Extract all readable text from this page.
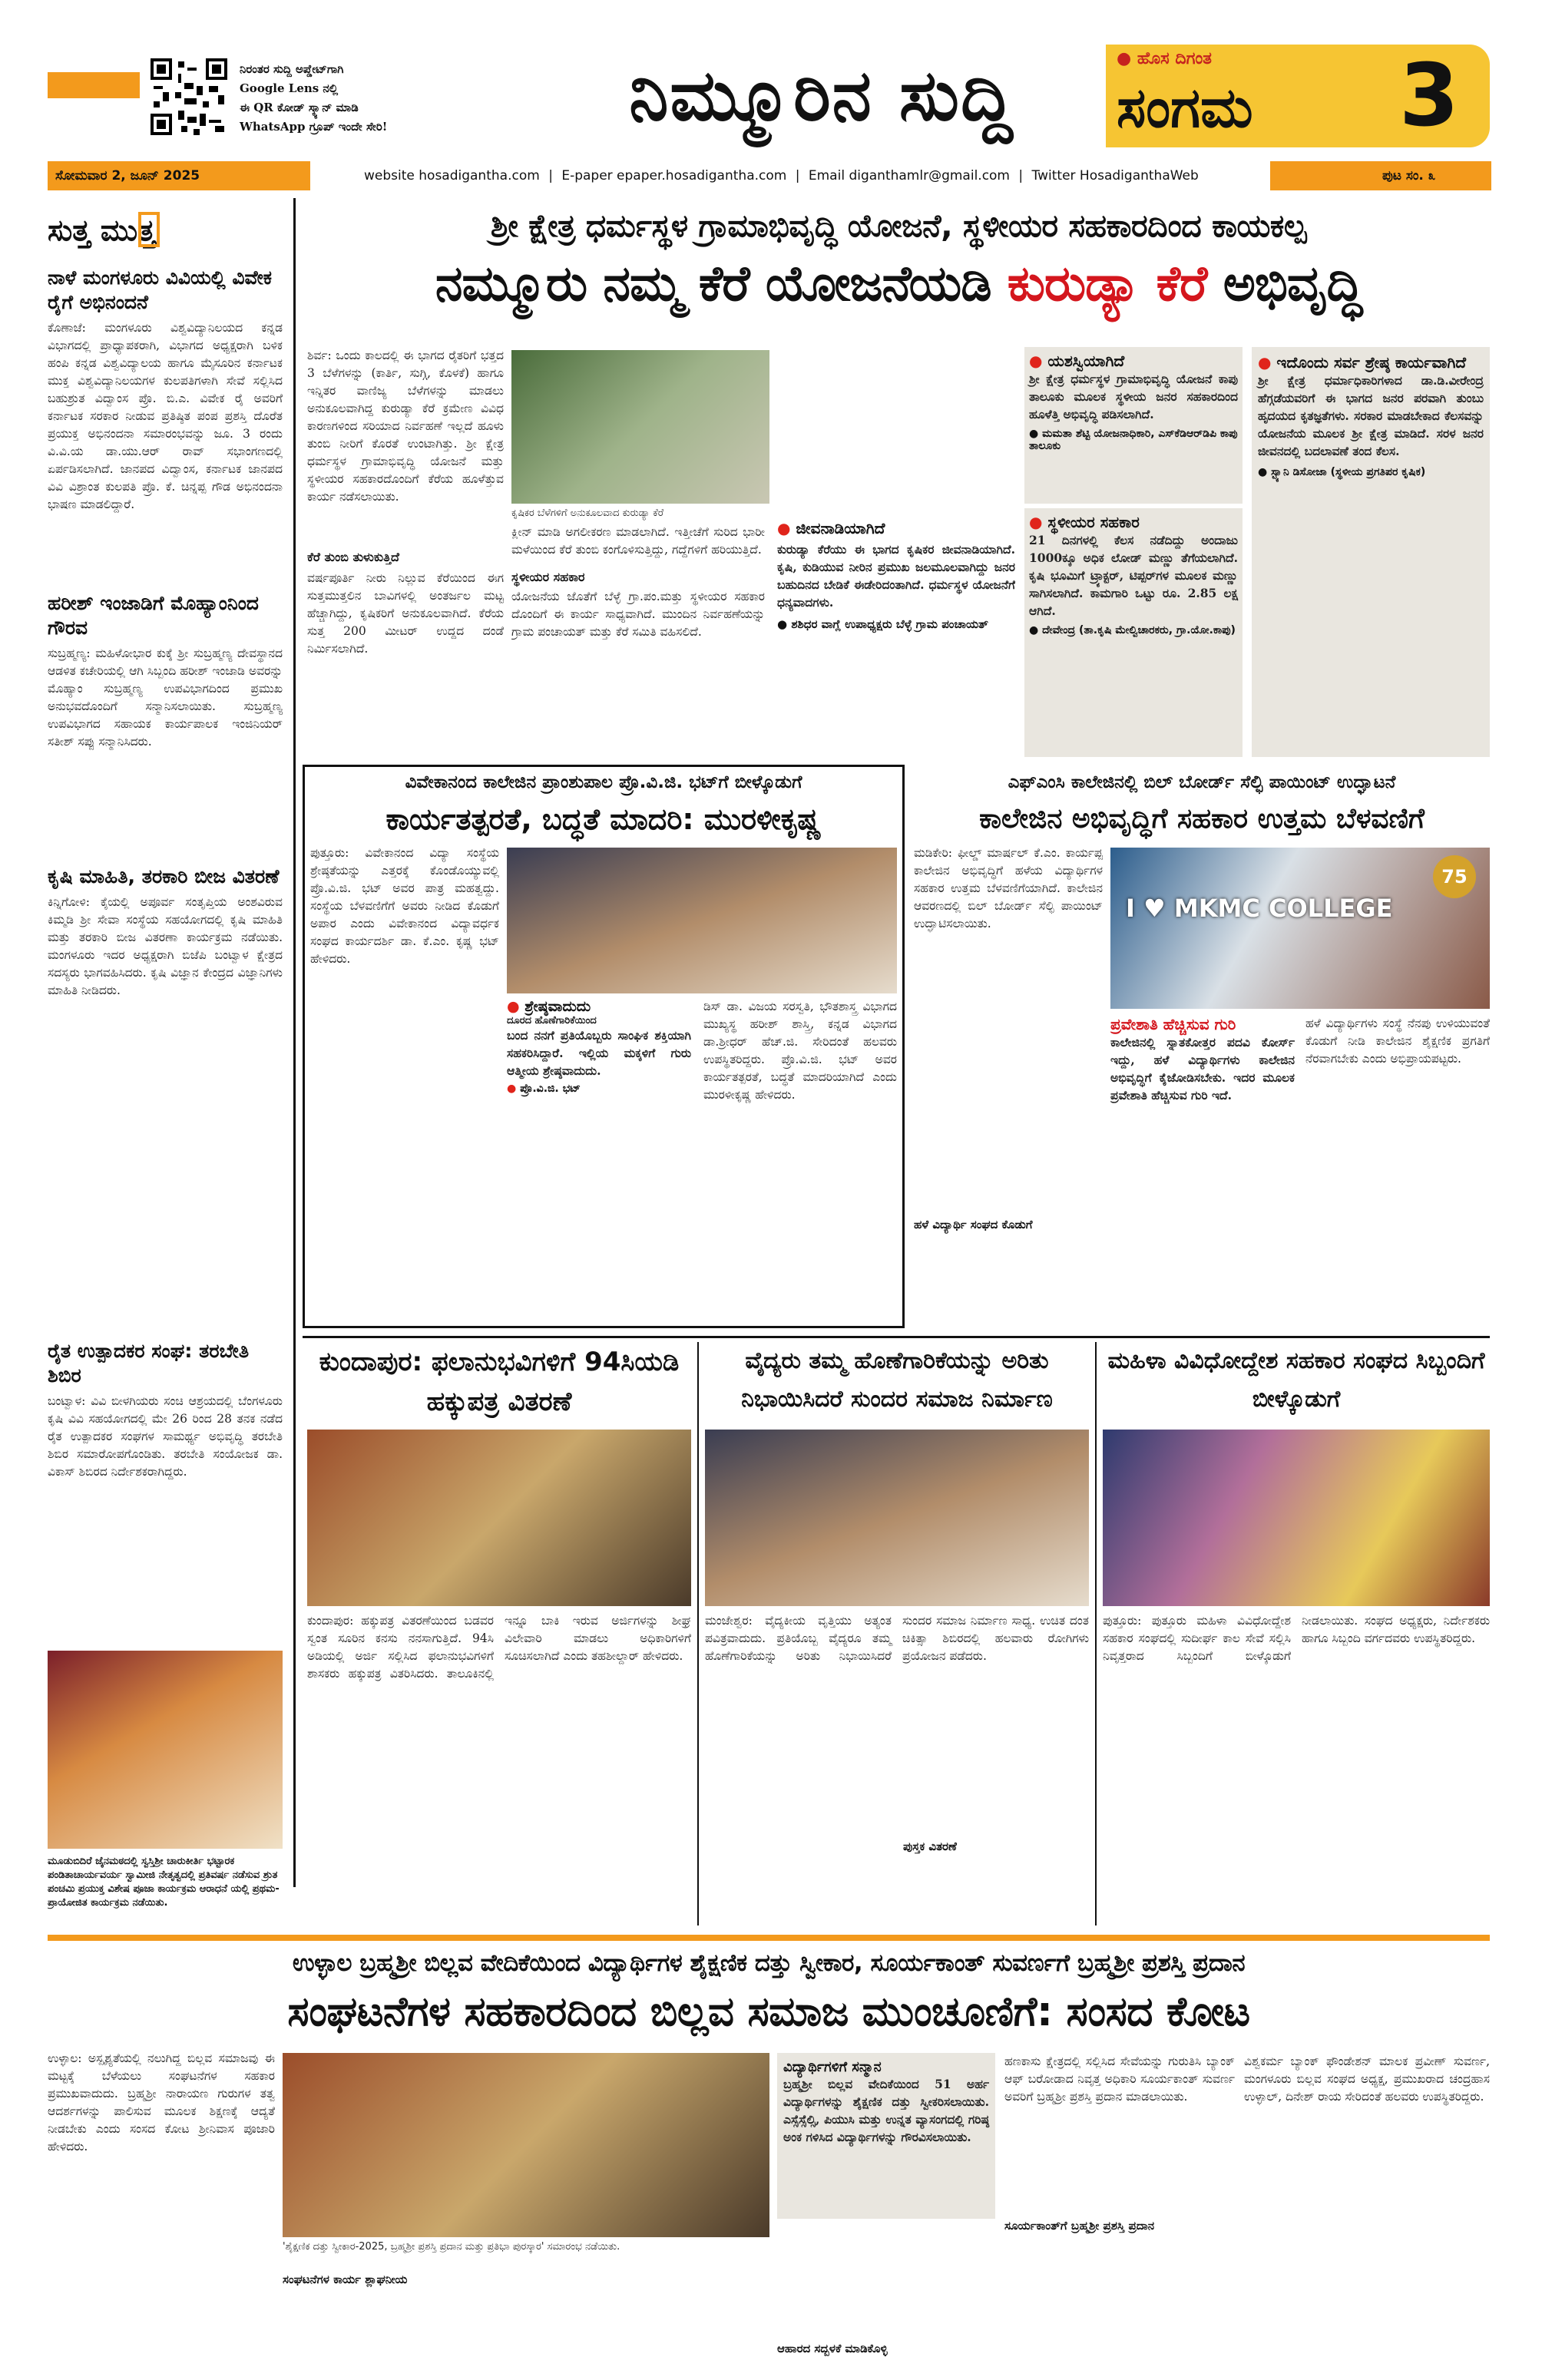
ನಿರಂತರ ಸುದ್ದಿ ಅಪ್ಡೇಟ್‌ಗಾಗಿ
Google Lens ನಲ್ಲಿ
ಈ QR ಕೋಡ್ ಸ್ಕ್ಯಾನ್ ಮಾಡಿ
WhatsApp ಗ್ರೂಪ್ ಇಂದೇ ಸೇರಿ!	ನಿಮ್ಮೂರಿನ ಸುದ್ದಿ	● ಹೊಸ ದಿಗಂತ
ಸಂಗಮ 3
ಸೋಮವಾರ 2, ಜೂನ್ 2025	website hosadigantha.com | E-paper epaper.hosadigantha.com | Email diganthamlr@gmail.com | Twitter HosadiganthaWeb	ಪುಟ ಸಂ. ೩
ಸುತ್ತ ಮುತ್ತ
ನಾಳೆ ಮಂಗಳೂರು ವಿವಿಯಲ್ಲಿ ವಿವೇಕ ರೈಗೆ ಅಭಿನಂದನೆ
ಕೊಣಾಜೆ: ಮಂಗಳೂರು ವಿಶ್ವವಿದ್ಯಾನಿಲಯದ ಕನ್ನಡ ವಿಭಾಗದಲ್ಲಿ ಪ್ರಾಧ್ಯಾಪಕರಾಗಿ, ವಿಭಾಗದ ಅಧ್ಯಕ್ಷರಾಗಿ ಬಳಿಕ ಹಂಪಿ ಕನ್ನಡ ವಿಶ್ವವಿದ್ಯಾಲಯ ಹಾಗೂ ಮೈಸೂರಿನ ಕರ್ನಾಟಕ ಮುಕ್ತ ವಿಶ್ವವಿದ್ಯಾನಿಲಯಗಳ ಕುಲಪತಿಗಳಾಗಿ ಸೇವೆ ಸಲ್ಲಿಸಿದ ಬಹುಶ್ರುತ ವಿದ್ವಾಂಸ ಪ್ರೊ. ಬಿ.ಎ. ವಿವೇಕ ರೈ ಅವರಿಗೆ ಕರ್ನಾಟಕ ಸರಕಾರ ನೀಡುವ ಪ್ರತಿಷ್ಠಿತ ಪಂಪ ಪ್ರಶಸ್ತಿ ದೊರೆತ ಪ್ರಯುಕ್ತ ಅಭಿನಂದನಾ ಸಮಾರಂಭವನ್ನು ಜೂ. 3 ರಂದು ವಿ.ವಿ.ಯ ಡಾ.ಯು.ಆರ್ ರಾವ್ ಸಭಾಂಗಣದಲ್ಲಿ ಏರ್ಪಡಿಸಲಾಗಿದೆ. ಜಾನಪದ ವಿದ್ವಾಂಸ, ಕರ್ನಾಟಕ ಜಾನಪದ ವಿವಿ ವಿಶ್ರಾಂತ ಕುಲಪತಿ ಪ್ರೊ. ಕೆ. ಚಿನ್ನಪ್ಪ ಗೌಡ ಅಭಿನಂದನಾ ಭಾಷಣ ಮಾಡಲಿದ್ದಾರೆ.
ಹರೀಶ್ ಇಂಜಾಡಿಗೆ ಮೊಹ್ಯಾಂನಿಂದ ಗೌರವ
ಸುಬ್ರಹ್ಮಣ್ಯ: ಮಹಿಳೋಭಾರ ಕುಕ್ಕೆ ಶ್ರೀ ಸುಬ್ರಹ್ಮಣ್ಯ ದೇವಸ್ಥಾನದ ಆಡಳಿತ ಕಚೇರಿಯಲ್ಲಿ ಆಗಿ ಸಿಬ್ಬಂದಿ ಹರೀಶ್ ಇಂಜಾಡಿ ಅವರನ್ನು ಮೊಹ್ಯಾಂ ಸುಬ್ರಹ್ಮಣ್ಯ ಉಪವಿಭಾಗದಿಂದ ಪ್ರಮುಖ ಅನುಭವದೊಂದಿಗೆ ಸನ್ಮಾನಿಸಲಾಯಿತು. ಸುಬ್ರಹ್ಮಣ್ಯ ಉಪವಿಭಾಗದ ಸಹಾಯಕ ಕಾರ್ಯಪಾಲಕ ಇಂಜಿನಿಯರ್ ಸತೀಶ್ ಸಪ್ಪು ಸನ್ಮಾನಿಸಿದರು.
ಕೃಷಿ ಮಾಹಿತಿ, ತರಕಾರಿ ಬೀಜ ವಿತರಣೆ
ಕಿನ್ನಿಗೋಳಿ: ಕೈಯಲ್ಲಿ ಅಪೂರ್ವ ಸಂತೃಪ್ತಿಯ ಅಂಶವಿರುವ ಕಿಮ್ಮಡಿ ಶ್ರೀ ಸೇವಾ ಸಂಸ್ಥೆಯ ಸಹಯೋಗದಲ್ಲಿ ಕೃಷಿ ಮಾಹಿತಿ ಮತ್ತು ತರಕಾರಿ ಬೀಜ ವಿತರಣಾ ಕಾರ್ಯಕ್ರಮ ನಡೆಯಿತು. ಮಂಗಳೂರು ಇದರ ಅಧ್ಯಕ್ಷರಾಗಿ ಬಿಜೆಪಿ ಬಂಟ್ವಾಳ ಕ್ಷೇತ್ರದ ಸದಸ್ಯರು ಭಾಗವಹಿಸಿದರು. ಕೃಷಿ ವಿಜ್ಞಾನ ಕೇಂದ್ರದ ವಿಜ್ಞಾನಿಗಳು ಮಾಹಿತಿ ನೀಡಿದರು.
ರೈತ ಉತ್ಪಾದಕರ ಸಂಘ: ತರಬೇತಿ ಶಿಬಿರ
ಬಂಟ್ವಾಳ: ವಿವಿ ಬೀಳಗಿಯರು ಸಂಚಿ ಆಶ್ರಯದಲ್ಲಿ ಬೆಂಗಳೂರು ಕೃಷಿ ವಿವಿ ಸಹಯೋಗದಲ್ಲಿ ಮೇ 26 ರಿಂದ 28 ತನಕ ನಡೆದ ರೈತ ಉತ್ಪಾದಕರ ಸಂಘಗಳ ಸಾಮರ್ಥ್ಯ ಅಭಿವೃದ್ಧಿ ತರಬೇತಿ ಶಿಬಿರ ಸಮಾರೋಪಗೊಂಡಿತು. ತರಬೇತಿ ಸಂಯೋಜಕ ಡಾ. ವಿಕಾಸ್ ಶಿಬಿರದ ನಿರ್ದೇಶಕರಾಗಿದ್ದರು.
ಮೂಡುಬಿದಿರೆ ಜೈನಮಠದಲ್ಲಿ ಸ್ವಸ್ತಿಶ್ರೀ ಚಾರುಕೀರ್ತಿ ಭಟ್ಟಾರಕ ಪಂಡಿತಾಚಾರ್ಯವರ್ಯ ಸ್ವಾಮೀಜಿ ನೇತೃತ್ವದಲ್ಲಿ ಪ್ರತಿವರ್ಷ ನಡೆಸುವ ಶ್ರುತ ಪಂಚಮಿ ಪ್ರಯುಕ್ತ ವಿಶೇಷ ಪೂಜಾ ಕಾರ್ಯಕ್ರಮ ಆರಾಧನೆ ಯಲ್ಲಿ ಪ್ರಥಮ-ಪ್ರಾಯೋಜಿತ ಕಾರ್ಯಕ್ರಮ ನಡೆಯಿತು.
ಶ್ರೀ ಕ್ಷೇತ್ರ ಧರ್ಮಸ್ಥಳ ಗ್ರಾಮಾಭಿವೃದ್ಧಿ ಯೋಜನೆ, ಸ್ಥಳೀಯರ ಸಹಕಾರದಿಂದ ಕಾಯಕಲ್ಪ
ನಮ್ಮೂರು ನಮ್ಮ ಕೆರೆ ಯೋಜನೆಯಡಿ ಕುರುಡ್ಯಾ ಕೆರೆ ಅಭಿವೃದ್ಧಿ
ಶಿರ್ವ: ಒಂದು ಕಾಲದಲ್ಲಿ ಈ ಭಾಗದ ರೈತರಿಗೆ ಭತ್ತದ 3 ಬೆಳೆಗಳನ್ನು (ಕಾರ್ತಿ, ಸುಗ್ಗಿ, ಕೊಳಕೆ) ಹಾಗೂ ಇನ್ನಿತರ ವಾಣಿಜ್ಯ ಬೆಳೆಗಳನ್ನು ಮಾಡಲು ಅನುಕೂಲವಾಗಿದ್ದ ಕುರುಡ್ಯಾ ಕೆರೆ ಕ್ರಮೇಣ ವಿವಿಧ ಕಾರಣಗಳಿಂದ ಸರಿಯಾದ ನಿರ್ವಹಣೆ ಇಲ್ಲದೆ ಹೂಳು ತುಂಬಿ ನೀರಿಗೆ ಕೊರತೆ ಉಂಟಾಗಿತ್ತು. ಶ್ರೀ ಕ್ಷೇತ್ರ ಧರ್ಮಸ್ಥಳ ಗ್ರಾಮಾಭಿವೃದ್ಧಿ ಯೋಜನೆ ಮತ್ತು ಸ್ಥಳೀಯರ ಸಹಕಾರದೊಂದಿಗೆ ಕೆರೆಯ ಹೂಳೆತ್ತುವ ಕಾರ್ಯ ನಡೆಸಲಾಯಿತು.
ಕೆರೆ ತುಂಬಿ ತುಳುಕುತ್ತಿದೆ
ವರ್ಷಪೂರ್ತಿ ನೀರು ನಿಲ್ಲುವ ಕೆರೆಯಿಂದ ಈಗ ಸುತ್ತಮುತ್ತಲಿನ ಬಾವಿಗಳಲ್ಲಿ ಅಂತರ್ಜಲ ಮಟ್ಟ ಹೆಚ್ಚಾಗಿದ್ದು, ಕೃಷಿಕರಿಗೆ ಅನುಕೂಲವಾಗಿದೆ. ಕೆರೆಯ ಸುತ್ತ 200 ಮೀಟರ್ ಉದ್ದದ ದಂಡೆ ನಿರ್ಮಿಸಲಾಗಿದೆ.
ಕೃಷಿಕರ ಬೆಳೆಗಳಿಗೆ ಅನುಕೂಲವಾದ ಕುರುಡ್ಯಾ ಕೆರೆ
ಕ್ಲೀನ್ ಮಾಡಿ ಅಗಲೀಕರಣ ಮಾಡಲಾಗಿದೆ. ಇತ್ತೀಚೆಗೆ ಸುರಿದ ಭಾರೀ ಮಳೆಯಿಂದ ಕೆರೆ ತುಂಬಿ ಕಂಗೊಳಿಸುತ್ತಿದ್ದು, ಗದ್ದೆಗಳಿಗೆ ಹರಿಯುತ್ತಿದೆ.
ಸ್ಥಳೀಯರ ಸಹಕಾರ
ಯೋಜನೆಯ ಜೊತೆಗೆ ಬೆಳ್ಳೆ ಗ್ರಾ.ಪಂ.ಮತ್ತು ಸ್ಥಳೀಯರ ಸಹಕಾರ ದೊಂದಿಗೆ ಈ ಕಾರ್ಯ ಸಾಧ್ಯವಾಗಿದೆ. ಮುಂದಿನ ನಿರ್ವಹಣೆಯನ್ನು ಗ್ರಾಮ ಪಂಚಾಯತ್ ಮತ್ತು ಕೆರೆ ಸಮಿತಿ ವಹಿಸಲಿದೆ.
● ಜೀವನಾಡಿಯಾಗಿದೆ
ಕುರುಡ್ಯಾ ಕೆರೆಯು ಈ ಭಾಗದ ಕೃಷಿಕರ ಜೀವನಾಡಿಯಾಗಿದೆ. ಕೃಷಿ, ಕುಡಿಯುವ ನೀರಿನ ಪ್ರಮುಖ ಜಲಮೂಲವಾಗಿದ್ದು ಜನರ ಬಹುದಿನದ ಬೇಡಿಕೆ ಈಡೇರಿದಂತಾಗಿದೆ. ಧರ್ಮಸ್ಥಳ ಯೋಜನೆಗೆ ಧನ್ಯವಾದಗಳು.
● ಶಶಿಧರ ವಾಗ್ಲೆ ಉಪಾಧ್ಯಕ್ಷರು ಬೆಳ್ಳೆ ಗ್ರಾಮ ಪಂಚಾಯತ್
● ಯಶಸ್ವಿಯಾಗಿದೆ
ಶ್ರೀ ಕ್ಷೇತ್ರ ಧರ್ಮಸ್ಥಳ ಗ್ರಾಮಾಭಿವೃದ್ಧಿ ಯೋಜನೆ ಕಾಪು ತಾಲೂಕು ಮೂಲಕ ಸ್ಥಳೀಯ ಜನರ ಸಹಕಾರದಿಂದ ಹೂಳೆತ್ತಿ ಅಭಿವೃದ್ಧಿ ಪಡಿಸಲಾಗಿದೆ.
● ಮಮತಾ ಶೆಟ್ಟಿ ಯೋಜನಾಧಿಕಾರಿ, ಎಸ್‌ಕೆಡಿಆರ್‌ಡಿಪಿ ಕಾಪು ತಾಲೂಕು
● ಸ್ಥಳೀಯರ ಸಹಕಾರ
21 ದಿನಗಳಲ್ಲಿ ಕೆಲಸ ನಡೆದಿದ್ದು ಅಂದಾಜು 1000ಕ್ಕೂ ಅಧಿಕ ಲೋಡ್ ಮಣ್ಣು ತೆಗೆಯಲಾಗಿದೆ. ಕೃಷಿ ಭೂಮಿಗೆ ಟ್ರ್ಯಾಕ್ಟರ್, ಟಿಪ್ಪರ್‌ಗಳ ಮೂಲಕ ಮಣ್ಣು ಸಾಗಿಸಲಾಗಿದೆ. ಕಾಮಗಾರಿ ಒಟ್ಟು ರೂ. 2.85 ಲಕ್ಷ ಆಗಿದೆ.
● ದೇವೇಂದ್ರ (ತಾ.ಕೃಷಿ ಮೇಲ್ವಿಚಾರಕರು, ಗ್ರಾ.ಯೋ.ಕಾಪು)
● ಇದೊಂದು ಸರ್ವ ಶ್ರೇಷ್ಠ ಕಾರ್ಯವಾಗಿದೆ
ಶ್ರೀ ಕ್ಷೇತ್ರ ಧರ್ಮಾಧಿಕಾರಿಗಳಾದ ಡಾ.ಡಿ.ವೀರೇಂದ್ರ ಹೆಗ್ಗಡೆಯವರಿಗೆ ಈ ಭಾಗದ ಜನರ ಪರವಾಗಿ ತುಂಬು ಹೃದಯದ ಕೃತಜ್ಞತೆಗಳು. ಸರಕಾರ ಮಾಡಬೇಕಾದ ಕೆಲಸವನ್ನು ಯೋಜನೆಯ ಮೂಲಕ ಶ್ರೀ ಕ್ಷೇತ್ರ ಮಾಡಿದೆ. ಸರಳ ಜನರ ಜೀವನದಲ್ಲಿ ಬದಲಾವಣೆ ತಂದ ಕೆಲಸ.
● ಸ್ಟ್ಯಾನಿ ಡಿಸೋಜಾ (ಸ್ಥಳೀಯ ಪ್ರಗತಿಪರ ಕೃಷಿಕ)
ವಿವೇಕಾನಂದ ಕಾಲೇಜಿನ ಪ್ರಾಂಶುಪಾಲ ಪ್ರೊ.ವಿ.ಜಿ. ಭಟ್‌ಗೆ ಬೀಳ್ಕೊಡುಗೆ
ಕಾರ್ಯತತ್ಪರತೆ, ಬದ್ಧತೆ ಮಾದರಿ: ಮುರಳೀಕೃಷ್ಣ
ಪುತ್ತೂರು: ವಿವೇಕಾನಂದ ವಿದ್ಯಾ ಸಂಸ್ಥೆಯ ಶ್ರೇಷ್ಠತೆಯನ್ನು ಎತ್ತರಕ್ಕೆ ಕೊಂಡೊಯ್ಯುವಲ್ಲಿ ಪ್ರೊ.ವಿ.ಜಿ. ಭಟ್ ಅವರ ಪಾತ್ರ ಮಹತ್ವದ್ದು. ಸಂಸ್ಥೆಯ ಬೆಳವಣಿಗೆಗೆ ಅವರು ನೀಡಿದ ಕೊಡುಗೆ ಅಪಾರ ಎಂದು ವಿವೇಕಾನಂದ ವಿದ್ಯಾವರ್ಧಕ ಸಂಘದ ಕಾರ್ಯದರ್ಶಿ ಡಾ. ಕೆ.ಎಂ. ಕೃಷ್ಣ ಭಟ್ ಹೇಳಿದರು.
● ಶ್ರೇಷ್ಠವಾದುದು
ದೂರದ ಹೊಣೆಗಾರಿಕೆಯಿಂದ
ಬಂದ ನನಗೆ ಪ್ರತಿಯೊಬ್ಬರು ಸಾಂಘಿಕ ಶಕ್ತಿಯಾಗಿ ಸಹಕರಿಸಿದ್ದಾರೆ. ಇಲ್ಲಿಯ ಮಕ್ಕಳಿಗೆ ಗುರು ಆತ್ಮೀಯ ಶ್ರೇಷ್ಠವಾದುದು.
● ಪ್ರೊ.ವಿ.ಜಿ. ಭಟ್
ಡಿಸ್ ಡಾ. ವಿಜಯ ಸರಸ್ವತಿ, ಭೌತಶಾಸ್ತ್ರ ವಿಭಾಗದ ಮುಖ್ಯಸ್ಥ ಹರೀಶ್ ಶಾಸ್ತ್ರಿ, ಕನ್ನಡ ವಿಭಾಗದ ಡಾ.ಶ್ರೀಧರ್ ಹೆಚ್.ಜಿ. ಸೇರಿದಂತೆ ಹಲವರು ಉಪಸ್ಥಿತರಿದ್ದರು. ಪ್ರೊ.ವಿ.ಜಿ. ಭಟ್ ಅವರ ಕಾರ್ಯತತ್ಪರತೆ, ಬದ್ಧತೆ ಮಾದರಿಯಾಗಿದೆ ಎಂದು ಮುರಳೀಕೃಷ್ಣ ಹೇಳಿದರು.
ಎಫ್‌ಎಂಸಿ ಕಾಲೇಜಿನಲ್ಲಿ ಬಿಲ್‌ ಬೋರ್ಡ್‌ ಸೆಲ್ಫಿ ಪಾಯಿಂಟ್‌ ಉದ್ಘಾಟನೆ
ಕಾಲೇಜಿನ ಅಭಿವೃದ್ಧಿಗೆ ಸಹಕಾರ ಉತ್ತಮ ಬೆಳವಣಿಗೆ
ಮಡಿಕೇರಿ: ಫೀಲ್ಡ್ ಮಾರ್ಷಲ್ ಕೆ.ಎಂ. ಕಾರ್ಯಪ್ಪ ಕಾಲೇಜಿನ ಅಭಿವೃದ್ಧಿಗೆ ಹಳೆಯ ವಿದ್ಯಾರ್ಥಿಗಳ ಸಹಕಾರ ಉತ್ತಮ ಬೆಳವಣಿಗೆಯಾಗಿದೆ. ಕಾಲೇಜಿನ ಆವರಣದಲ್ಲಿ ಬಿಲ್ ಬೋರ್ಡ್ ಸೆಲ್ಫಿ ಪಾಯಿಂಟ್ ಉದ್ಘಾಟಿಸಲಾಯಿತು.
ಹಳೆ ವಿದ್ಯಾರ್ಥಿ ಸಂಘದ ಕೊಡುಗೆ
I ♥ MKMC COLLEGE
75
ಪ್ರವೇಶಾತಿ ಹೆಚ್ಚಿಸುವ ಗುರಿ
ಕಾಲೇಜಿನಲ್ಲಿ ಸ್ನಾತಕೋತ್ತರ ಪದವಿ ಕೋರ್ಸ್‌ ಇದ್ದು, ಹಳೆ ವಿದ್ಯಾರ್ಥಿಗಳು ಕಾಲೇಜಿನ ಅಭಿವೃದ್ಧಿಗೆ ಕೈಜೋಡಿಸಬೇಕು. ಇದರ ಮೂಲಕ ಪ್ರವೇಶಾತಿ ಹೆಚ್ಚಿಸುವ ಗುರಿ ಇದೆ.
ಹಳೆ ವಿದ್ಯಾರ್ಥಿಗಳು ಸಂಸ್ಥೆ ನೆನಪು ಉಳಿಯುವಂತೆ ಕೊಡುಗೆ ನೀಡಿ ಕಾಲೇಜಿನ ಶೈಕ್ಷಣಿಕ ಪ್ರಗತಿಗೆ ನೆರವಾಗಬೇಕು ಎಂದು ಅಭಿಪ್ರಾಯಪಟ್ಟರು.
ಕುಂದಾಪುರ: ಫಲಾನುಭವಿಗಳಿಗೆ 94ಸಿಯಡಿ ಹಕ್ಕುಪತ್ರ ವಿತರಣೆ
ಕುಂದಾಪುರ: ಹಕ್ಕುಪತ್ರ ವಿತರಣೆಯಿಂದ ಬಡವರ ಸ್ವಂತ ಸೂರಿನ ಕನಸು ನನಸಾಗುತ್ತಿದೆ. 94ಸಿ ಅಡಿಯಲ್ಲಿ ಅರ್ಜಿ ಸಲ್ಲಿಸಿದ ಫಲಾನುಭವಿಗಳಿಗೆ ಶಾಸಕರು ಹಕ್ಕುಪತ್ರ ವಿತರಿಸಿದರು. ತಾಲೂಕಿನಲ್ಲಿ ಇನ್ನೂ ಬಾಕಿ ಇರುವ ಅರ್ಜಿಗಳನ್ನು ಶೀಘ್ರ ವಿಲೇವಾರಿ ಮಾಡಲು ಅಧಿಕಾರಿಗಳಿಗೆ ಸೂಚಿಸಲಾಗಿದೆ ಎಂದು ತಹಶೀಲ್ದಾರ್ ಹೇಳಿದರು.
ವೈದ್ಯರು ತಮ್ಮ ಹೊಣೆಗಾರಿಕೆಯನ್ನು ಅರಿತು ನಿಭಾಯಿಸಿದರೆ ಸುಂದರ ಸಮಾಜ ನಿರ್ಮಾಣ
ಮಂಜೇಶ್ವರ: ವೈದ್ಯಕೀಯ ವೃತ್ತಿಯು ಅತ್ಯಂತ ಪವಿತ್ರವಾದುದು. ಪ್ರತಿಯೊಬ್ಬ ವೈದ್ಯರೂ ತಮ್ಮ ಹೊಣೆಗಾರಿಕೆಯನ್ನು ಅರಿತು ನಿಭಾಯಿಸಿದರೆ ಸುಂದರ ಸಮಾಜ ನಿರ್ಮಾಣ ಸಾಧ್ಯ. ಉಚಿತ ದಂತ ಚಿಕಿತ್ಸಾ ಶಿಬಿರದಲ್ಲಿ ಹಲವಾರು ರೋಗಿಗಳು ಪ್ರಯೋಜನ ಪಡೆದರು.
ಪುಸ್ತಕ ವಿತರಣೆ
ಮಹಿಳಾ ವಿವಿಧೋದ್ದೇಶ ಸಹಕಾರ ಸಂಘದ ಸಿಬ್ಬಂದಿಗೆ ಬೀಳ್ಕೊಡುಗೆ
ಪುತ್ತೂರು: ಪುತ್ತೂರು ಮಹಿಳಾ ವಿವಿಧೋದ್ದೇಶ ಸಹಕಾರ ಸಂಘದಲ್ಲಿ ಸುದೀರ್ಘ ಕಾಲ ಸೇವೆ ಸಲ್ಲಿಸಿ ನಿವೃತ್ತರಾದ ಸಿಬ್ಬಂದಿಗೆ ಬೀಳ್ಕೊಡುಗೆ ನೀಡಲಾಯಿತು. ಸಂಘದ ಅಧ್ಯಕ್ಷರು, ನಿರ್ದೇಶಕರು ಹಾಗೂ ಸಿಬ್ಬಂದಿ ವರ್ಗದವರು ಉಪಸ್ಥಿತರಿದ್ದರು.
ಉಳ್ಳಾಲ ಬ್ರಹ್ಮಶ್ರೀ ಬಿಲ್ಲವ ವೇದಿಕೆಯಿಂದ ವಿದ್ಯಾರ್ಥಿಗಳ ಶೈಕ್ಷಣಿಕ ದತ್ತು ಸ್ವೀಕಾರ, ಸೂರ್ಯಕಾಂತ್ ಸುವರ್ಣಗೆ ಬ್ರಹ್ಮಶ್ರೀ ಪ್ರಶಸ್ತಿ ಪ್ರದಾನ
ಸಂಘಟನೆಗಳ ಸಹಕಾರದಿಂದ ಬಿಲ್ಲವ ಸಮಾಜ ಮುಂಚೂಣಿಗೆ: ಸಂಸದ ಕೋಟ
ಉಳ್ಳಾಲ: ಅಸ್ಪೃಶ್ಯತೆಯಲ್ಲಿ ನಲುಗಿದ್ದ ಬಿಲ್ಲವ ಸಮಾಜವು ಈ ಮಟ್ಟಕ್ಕೆ ಬೆಳೆಯಲು ಸಂಘಟನೆಗಳ ಸಹಕಾರ ಪ್ರಮುಖವಾದುದು. ಬ್ರಹ್ಮಶ್ರೀ ನಾರಾಯಣ ಗುರುಗಳ ತತ್ವ ಆದರ್ಶಗಳನ್ನು ಪಾಲಿಸುವ ಮೂಲಕ ಶಿಕ್ಷಣಕ್ಕೆ ಆದ್ಯತೆ ನೀಡಬೇಕು ಎಂದು ಸಂಸದ ಕೋಟ ಶ್ರೀನಿವಾಸ ಪೂಜಾರಿ ಹೇಳಿದರು.
'ಶೈಕ್ಷಣಿಕ ದತ್ತು ಸ್ವೀಕಾರ-2025, ಬ್ರಹ್ಮಶ್ರೀ ಪ್ರಶಸ್ತಿ ಪ್ರದಾನ ಮತ್ತು ಪ್ರತಿಭಾ ಪುರಸ್ಕಾರ' ಸಮಾರಂಭ ನಡೆಯಿತು.
ಸಂಘಟನೆಗಳ ಕಾರ್ಯ ಶ್ಲಾಘನೀಯ
ವಿದ್ಯಾರ್ಥಿಗಳಿಗೆ ಸನ್ಮಾನ
ಬ್ರಹ್ಮಶ್ರೀ ಬಿಲ್ಲವ ವೇದಿಕೆಯಿಂದ 51 ಅರ್ಹ ವಿದ್ಯಾರ್ಥಿಗಳನ್ನು ಶೈಕ್ಷಣಿಕ ದತ್ತು ಸ್ವೀಕರಿಸಲಾಯಿತು. ಎಸ್ಸೆಸ್ಸೆಲ್ಸಿ, ಪಿಯುಸಿ ಮತ್ತು ಉನ್ನತ ವ್ಯಾಸಂಗದಲ್ಲಿ ಗರಿಷ್ಠ ಅಂಕ ಗಳಿಸಿದ ವಿದ್ಯಾರ್ಥಿಗಳನ್ನು ಗೌರವಿಸಲಾಯಿತು.
ಸೂರ್ಯಕಾಂತ್‌ಗೆ ಬ್ರಹ್ಮಶ್ರೀ ಪ್ರಶಸ್ತಿ ಪ್ರದಾನ
ಹಣಕಾಸು ಕ್ಷೇತ್ರದಲ್ಲಿ ಸಲ್ಲಿಸಿದ ಸೇವೆಯನ್ನು ಗುರುತಿಸಿ ಬ್ಯಾಂಕ್ ಆಫ್ ಬರೋಡಾದ ನಿವೃತ್ತ ಅಧಿಕಾರಿ ಸೂರ್ಯಕಾಂತ್ ಸುವರ್ಣ ಅವರಿಗೆ ಬ್ರಹ್ಮಶ್ರೀ ಪ್ರಶಸ್ತಿ ಪ್ರದಾನ ಮಾಡಲಾಯಿತು.
ಆಹಾರದ ಸದ್ಬಳಕೆ ಮಾಡಿಕೊಳ್ಳಿ
ವಿಶ್ವಕರ್ಮ ಬ್ಯಾಂಕ್ ಫೌಂಡೇಶನ್ ಮಾಲಕ ಪ್ರವೀಣ್ ಸುವರ್ಣ, ಮಂಗಳೂರು ಬಿಲ್ಲವ ಸಂಘದ ಅಧ್ಯಕ್ಷ, ಪ್ರಮುಖರಾದ ಚಂದ್ರಹಾಸ ಉಳ್ಳಾಲ್, ದಿನೇಶ್ ರಾಯ ಸೇರಿದಂತೆ ಹಲವರು ಉಪಸ್ಥಿತರಿದ್ದರು.
